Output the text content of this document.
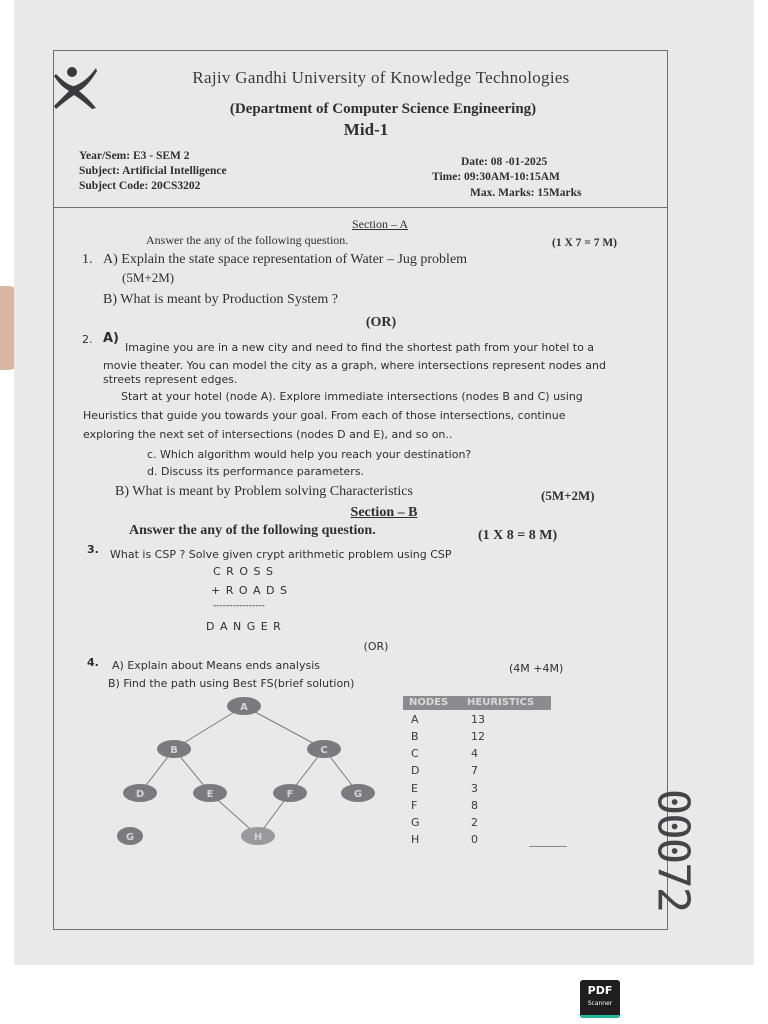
Rajiv Gandhi University of Knowledge Technologies
(Department of Computer Science Engineering)
Mid-1
Year/Sem: E3 - SEM 2
Subject: Artificial Intelligence
Subject Code: 20CS3202
Date: 08 -01-2025
Time: 09:30AM-10:15AM
Max. Marks: 15Marks
Section – A
Answer the any of the following question.	(1 X 7 = 7 M)
1. A) Explain the state space representation of Water – Jug problem
(5M+2M)
B) What is meant by Production System ?
(OR)
2. A)
Imagine you are in a new city and need to find the shortest path from your hotel to a
movie theater. You can model the city as a graph, where intersections represent nodes and
streets represent edges.
Start at your hotel (node A). Explore immediate intersections (nodes B and C) using
Heuristics that guide you towards your goal. From each of those intersections, continue
exploring the next set of intersections (nodes D and E), and so on..
c. Which algorithm would help you reach your destination?
d. Discuss its performance parameters.
B) What is meant by Problem solving Characteristics	(5M+2M)
Section – B
Answer the any of the following question.	(1 X 8 = 8 M)
3. What is CSP ? Solve given crypt arithmetic problem using CSP
C R O S S
+ R O A D S
----------------
D A N G E R
(OR)
4. A) Explain about Means ends analysis	(4M +4M)
B) Find the path using Best FS(brief solution)
A
B	C
D	E	F	G
H
G
NODES HEURISTICS
A	13
B	12
C	4
D	7
E	3
F	8
G	2
H	0	00072
PDF
Scanner
